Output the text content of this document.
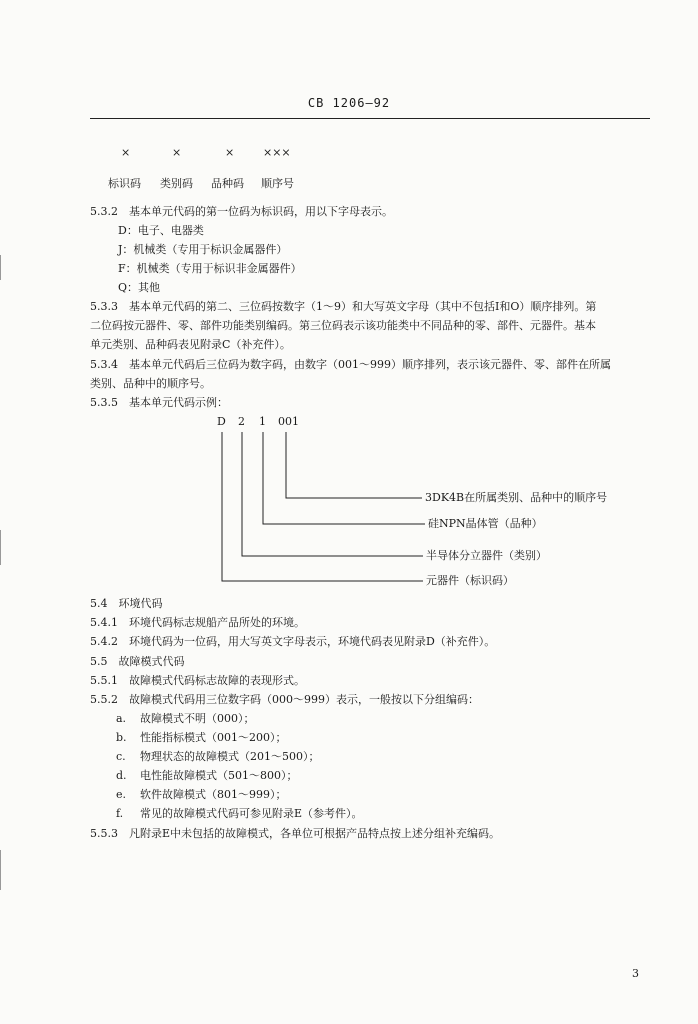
CB 1206—92
×	×	×	×××
标识码 类别码 品种码 顺序号
5.3.2　基本单元代码的第一位码为标识码，用以下字母表示。
D：电子、电器类
J：机械类（专用于标识金属器件）
F：机械类（专用于标识非金属器件）
Q：其他
5.3.3　基本单元代码的第二、三位码按数字（1～9）和大写英文字母（其中不包括I和O）顺序排列。第
二位码按元器件、零、部件功能类别编码。第三位码表示该功能类中不同品种的零、部件、元器件。基本
单元类别、品种码表见附录C（补充件）。
5.3.4　基本单元代码后三位码为数字码，由数字（001～999）顺序排列，表示该元器件、零、部件在所属
类别、品种中的顺序号。
5.3.5　基本单元代码示例：
D 2 1 001
3DK4B在所属类别、品种中的顺序号
硅NPN晶体管（品种）
半导体分立器件（类别）
元器件（标识码）
5.4　环境代码
5.4.1　环境代码标志规船产品所处的环境。
5.4.2　环境代码为一位码，用大写英文字母表示，环境代码表见附录D（补充件）。
5.5　故障模式代码
5.5.1　故障模式代码标志故障的表现形式。
5.5.2　故障模式代码用三位数字码（000～999）表示，一般按以下分组编码：
a. 故障模式不明（000）；
b. 性能指标模式（001～200）；
c. 物理状态的故障模式（201～500）；
d. 电性能故障模式（501～800）；
e. 软件故障模式（801～999）；
f. 常见的故障模式代码可参见附录E（参考件）。
5.5.3　凡附录E中未包括的故障模式，各单位可根据产品特点按上述分组补充编码。
3
